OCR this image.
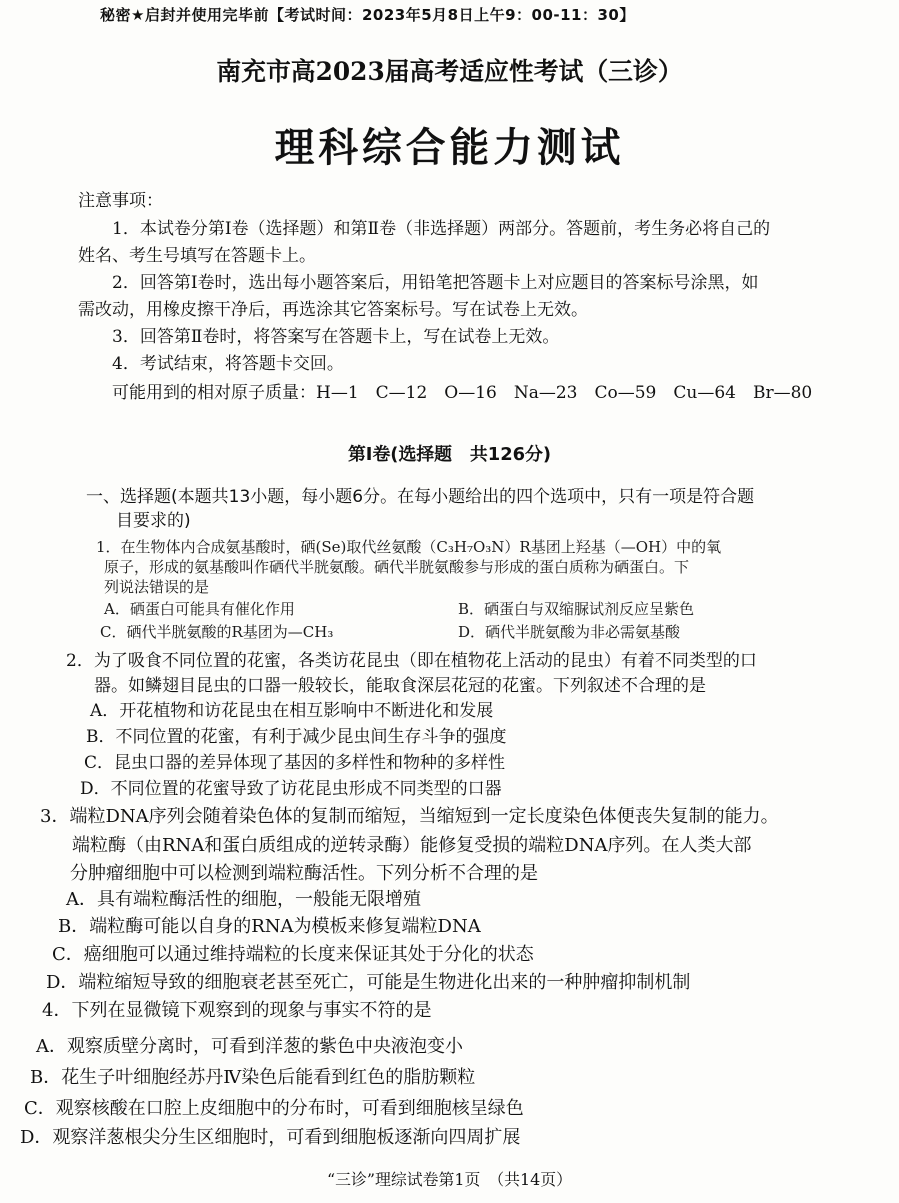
秘密★启封并使用完毕前【考试时间：2023年5月8日上午9：00-11：30】
南充市高2023届高考适应性考试（三诊）
理科综合能力测试
注意事项：
1．本试卷分第Ⅰ卷（选择题）和第Ⅱ卷（非选择题）两部分。答题前，考生务必将自己的
姓名、考生号填写在答题卡上。
2．回答第Ⅰ卷时，选出每小题答案后，用铅笔把答题卡上对应题目的答案标号涂黑，如
需改动，用橡皮擦干净后，再选涂其它答案标号。写在试卷上无效。
3．回答第Ⅱ卷时，将答案写在答题卡上，写在试卷上无效。
4．考试结束，将答题卡交回。
可能用到的相对原子质量：H—1　C—12　O—16　Na—23　Co—59　Cu—64　Br—80
第Ⅰ卷(选择题　共126分)
一、选择题(本题共13小题，每小题6分。在每小题给出的四个选项中，只有一项是符合题
目要求的)
1．在生物体内合成氨基酸时，硒(Se)取代丝氨酸（C₃H₇O₃N）R基团上羟基（—OH）中的氧
原子，形成的氨基酸叫作硒代半胱氨酸。硒代半胱氨酸参与形成的蛋白质称为硒蛋白。下
列说法错误的是
A．硒蛋白可能具有催化作用	B．硒蛋白与双缩脲试剂反应呈紫色
C．硒代半胱氨酸的R基团为—CH₃	D．硒代半胱氨酸为非必需氨基酸
2．为了吸食不同位置的花蜜，各类访花昆虫（即在植物花上活动的昆虫）有着不同类型的口
器。如鳞翅目昆虫的口器一般较长，能取食深层花冠的花蜜。下列叙述不合理的是
A．开花植物和访花昆虫在相互影响中不断进化和发展
B．不同位置的花蜜，有利于减少昆虫间生存斗争的强度
C．昆虫口器的差异体现了基因的多样性和物种的多样性
D．不同位置的花蜜导致了访花昆虫形成不同类型的口器
3．端粒DNA序列会随着染色体的复制而缩短，当缩短到一定长度染色体便丧失复制的能力。
端粒酶（由RNA和蛋白质组成的逆转录酶）能修复受损的端粒DNA序列。在人类大部
分肿瘤细胞中可以检测到端粒酶活性。下列分析不合理的是
A．具有端粒酶活性的细胞，一般能无限增殖
B．端粒酶可能以自身的RNA为模板来修复端粒DNA
C．癌细胞可以通过维持端粒的长度来保证其处于分化的状态
D．端粒缩短导致的细胞衰老甚至死亡，可能是生物进化出来的一种肿瘤抑制机制
4．下列在显微镜下观察到的现象与事实不符的是
A．观察质壁分离时，可看到洋葱的紫色中央液泡变小
B．花生子叶细胞经苏丹Ⅳ染色后能看到红色的脂肪颗粒
C．观察核酸在口腔上皮细胞中的分布时，可看到细胞核呈绿色
D．观察洋葱根尖分生区细胞时，可看到细胞板逐渐向四周扩展
“三诊”理综试卷第1页　（共14页）
